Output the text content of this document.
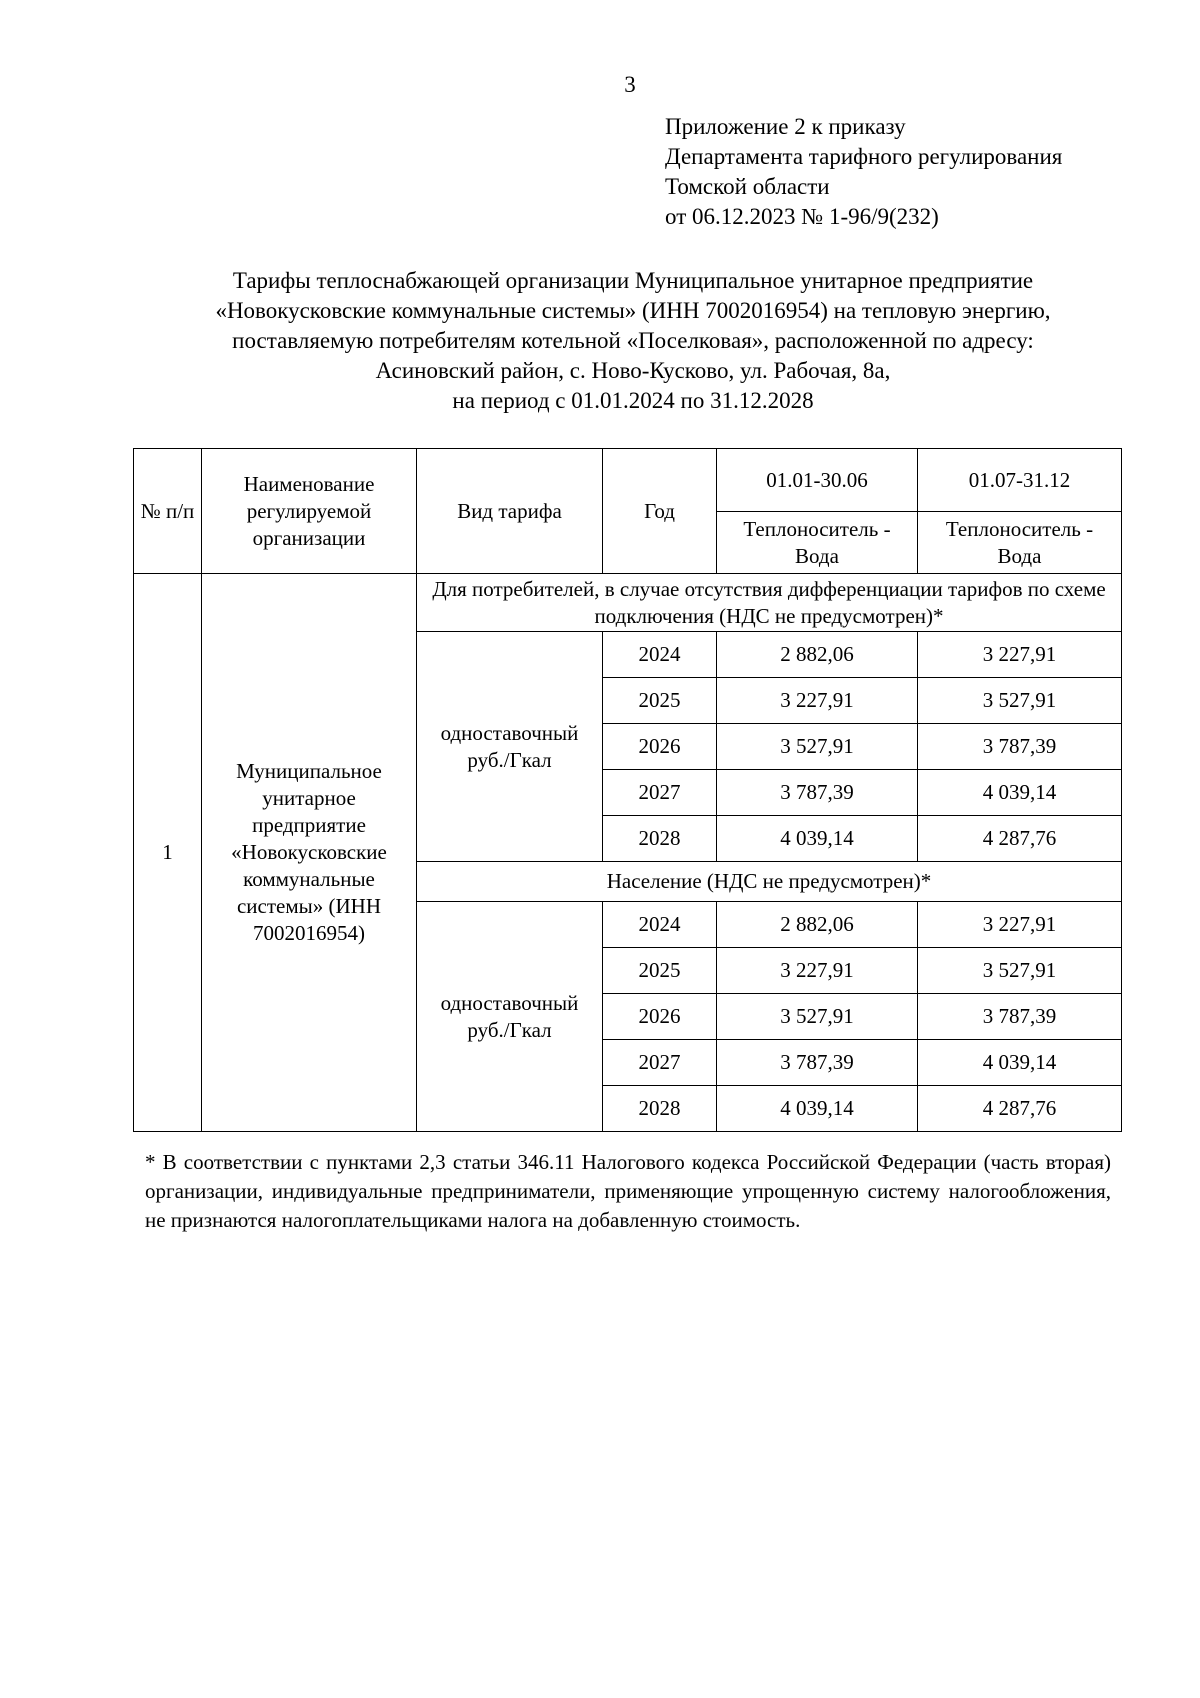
3
Приложение 2 к приказу
Департамента тарифного регулирования
Томской области
от 06.12.2023 № 1-96/9(232)
Тарифы теплоснабжающей организации Муниципальное унитарное предприятие
«Новокусковские коммунальные системы» (ИНН 7002016954) на тепловую энергию,
поставляемую потребителям котельной «Поселковая», расположенной по адресу:
Асиновский район, с. Ново-Кусково, ул. Рабочая, 8а,
на период с 01.01.2024 по 31.12.2028
№ п/п	Наименование регулируемой организации	Вид тарифа	Год	01.01-30.06	01.07-31.12
				Теплоноситель - Вода	Теплоноситель - Вода
1	Муниципальное унитарное предприятие «Новокусковские коммунальные системы» (ИНН 7002016954)	Для потребителей, в случае отсутствия дифференциации тарифов по схеме подключения (НДС не предусмотрен)*			
		одноставочный руб./Гкал	2024	2 882,06	3 227,91
			2025	3 227,91	3 527,91
			2026	3 527,91	3 787,39
			2027	3 787,39	4 039,14
			2028	4 039,14	4 287,76
		Население (НДС не предусмотрен)*			
		одноставочный руб./Гкал	2024	2 882,06	3 227,91
			2025	3 227,91	3 527,91
			2026	3 527,91	3 787,39
			2027	3 787,39	4 039,14
			2028	4 039,14	4 287,76
* В соответствии с пунктами 2,3 статьи 346.11 Налогового кодекса Российской Федерации (часть вторая) организации, индивидуальные предприниматели, применяющие упрощенную систему налогообложения, не признаются налогоплательщиками налога на добавленную стоимость.
